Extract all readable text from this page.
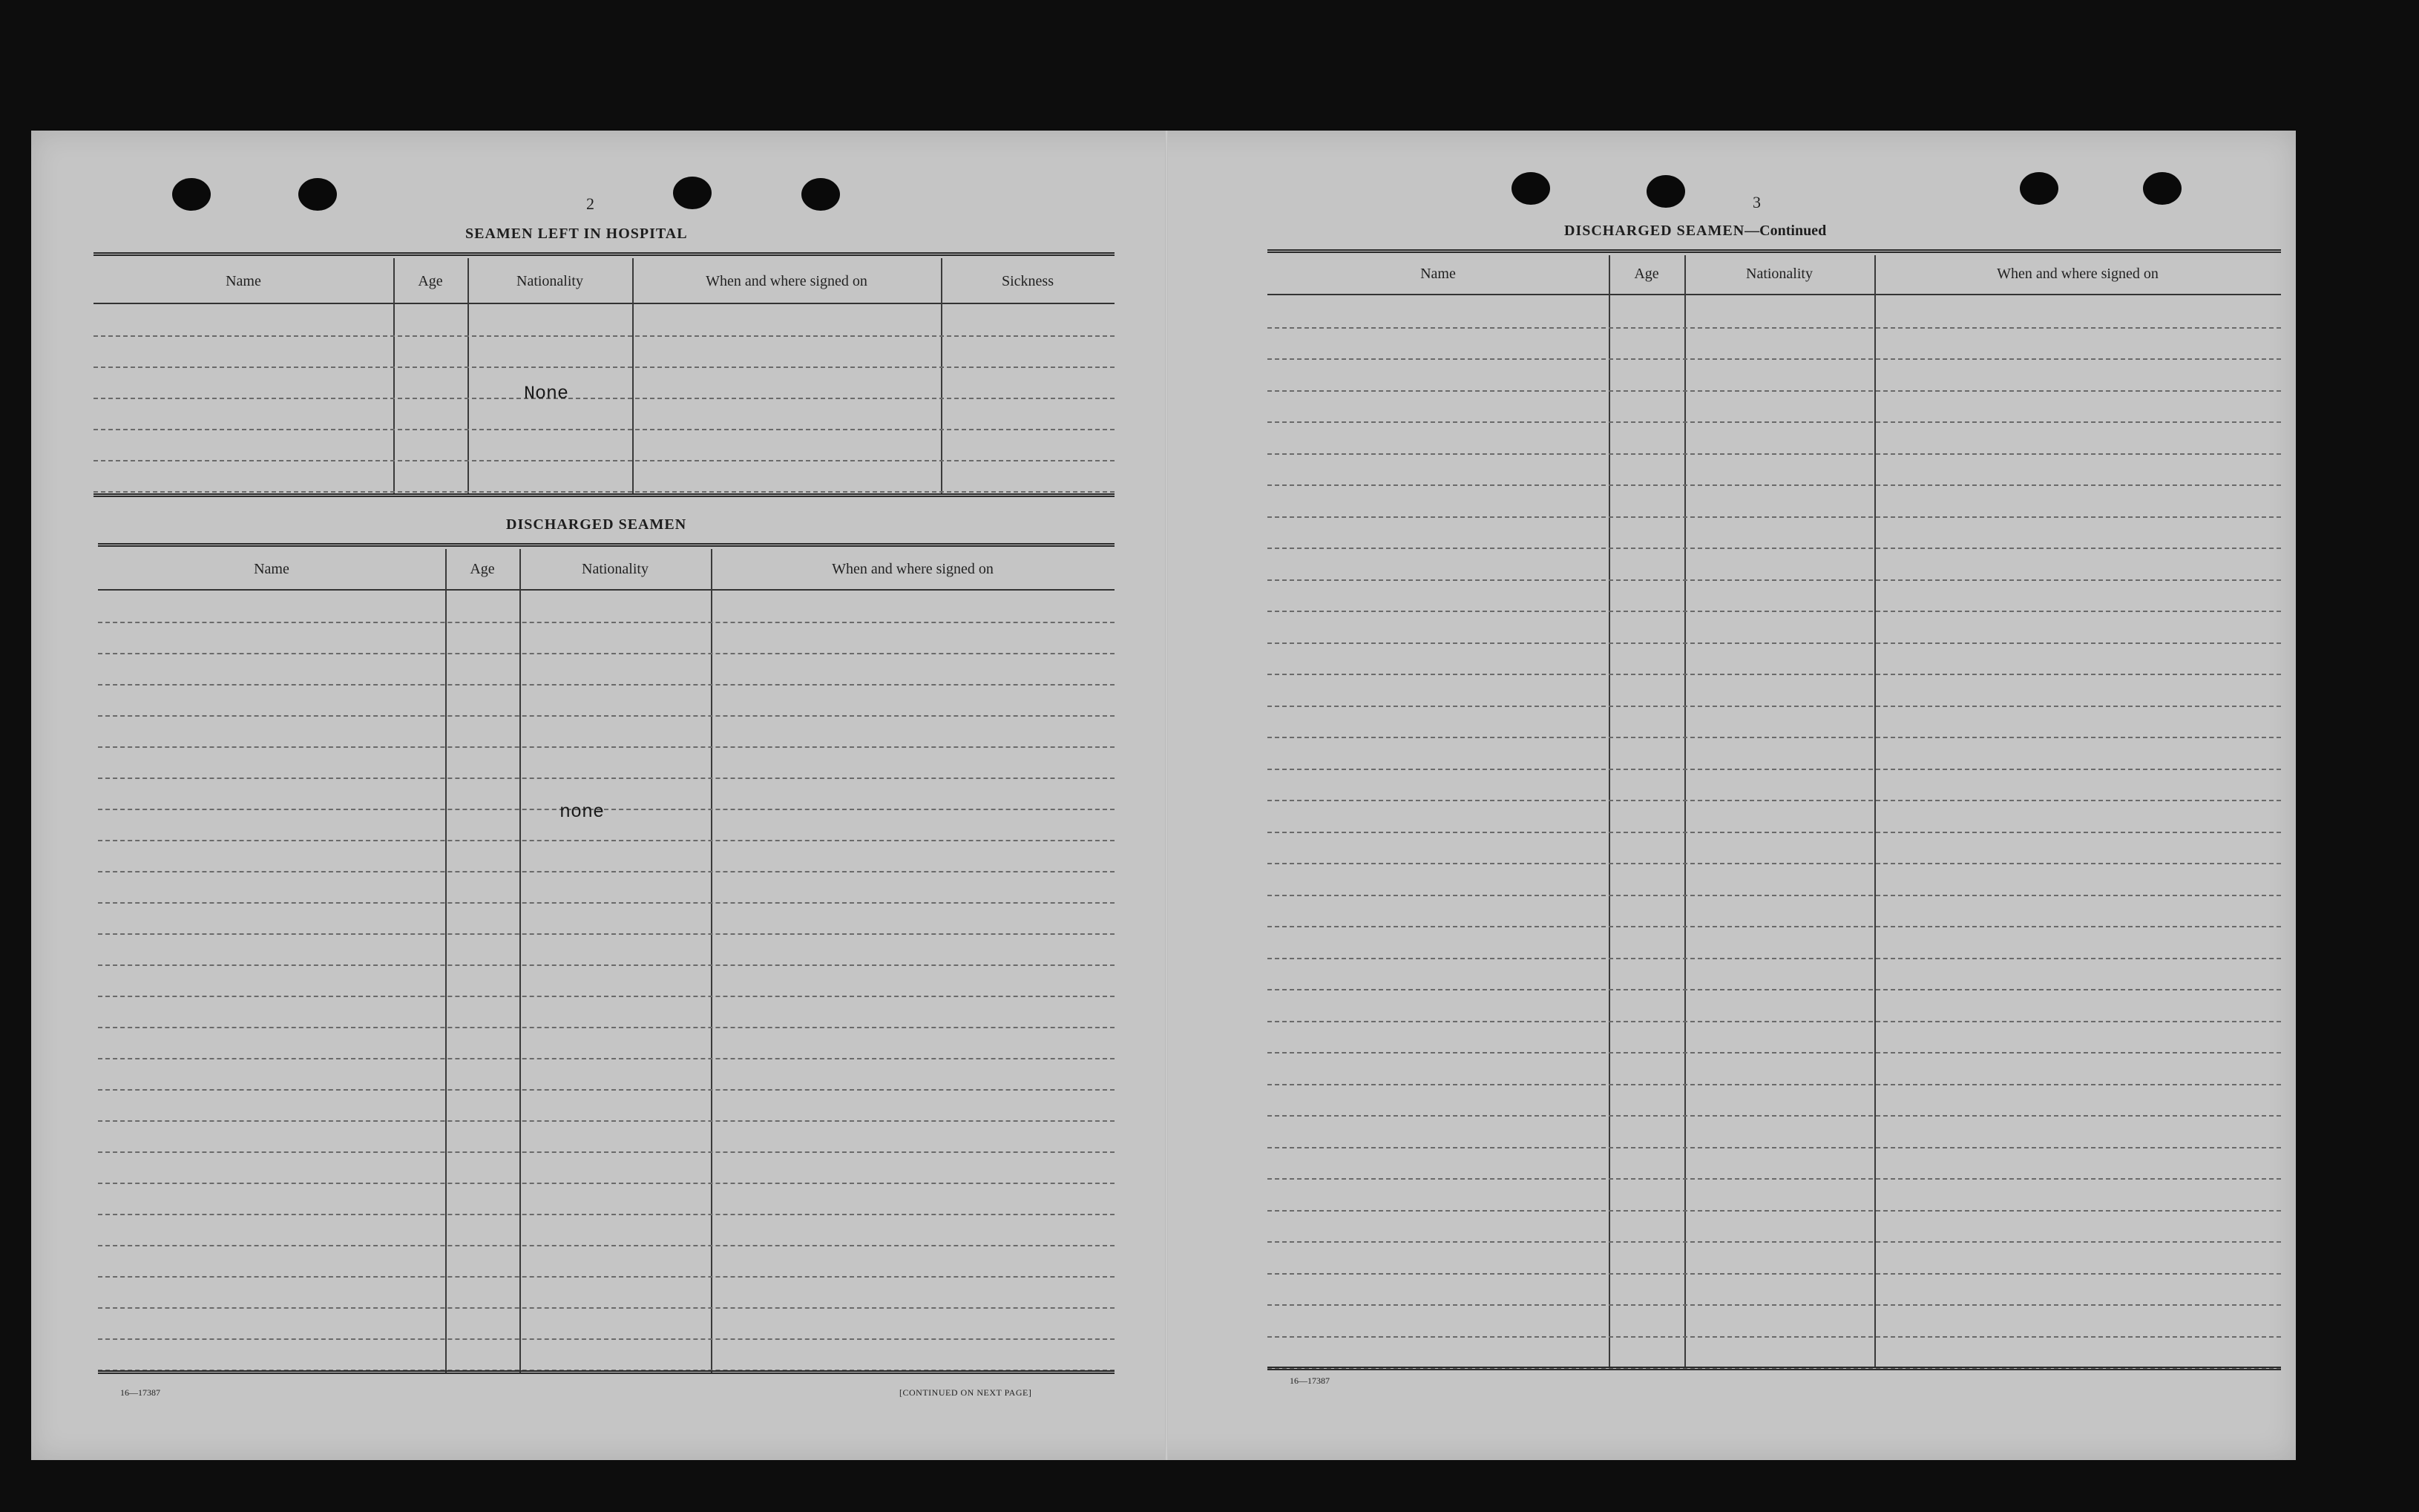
2
SEAMEN LEFT IN HOSPITAL
Name	Age	Nationality	When and where signed on	Sickness
None
DISCHARGED SEAMEN
Name	Age	Nationality	When and where signed on
none
16—17387	[CONTINUED ON NEXT PAGE]
3
DISCHARGED SEAMEN—Continued
Name	Age	Nationality	When and where signed on
16—17387
